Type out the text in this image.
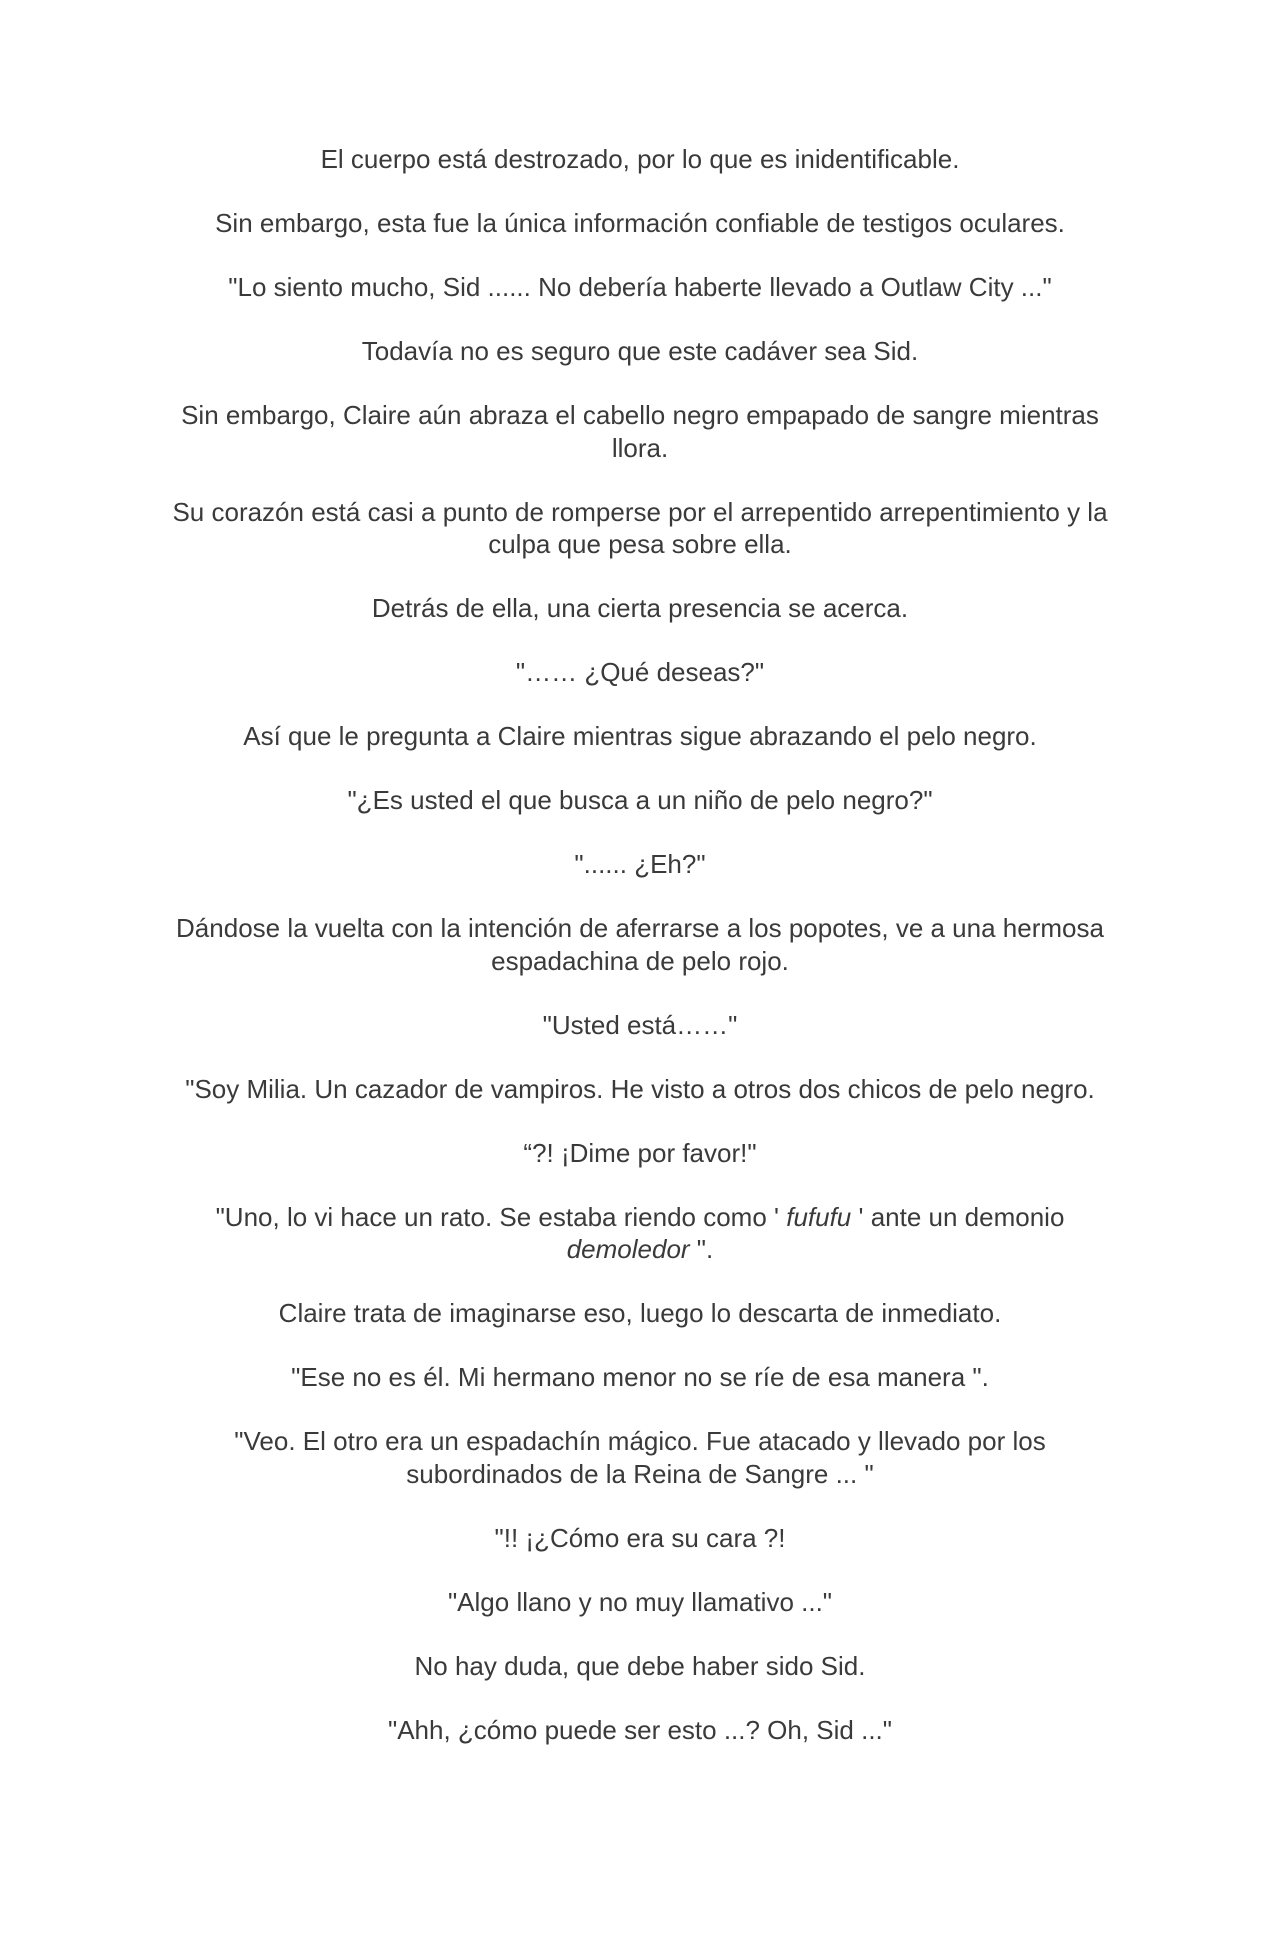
El cuerpo está destrozado, por lo que es inidentificable.

Sin embargo, esta fue la única información confiable de testigos oculares.

"Lo siento mucho, Sid ...... No debería haberte llevado a Outlaw City ..."

Todavía no es seguro que este cadáver sea Sid.

Sin embargo, Claire aún abraza el cabello negro empapado de sangre mientras llora.

Su corazón está casi a punto de romperse por el arrepentido arrepentimiento y la culpa que pesa sobre ella.

Detrás de ella, una cierta presencia se acerca.

"…… ¿Qué deseas?"

Así que le pregunta a Claire mientras sigue abrazando el pelo negro.

"¿Es usted el que busca a un niño de pelo negro?"

"...... ¿Eh?"

Dándose la vuelta con la intención de aferrarse a los popotes, ve a una hermosa espadachina de pelo rojo.

"Usted está……"

"Soy Milia. Un cazador de vampiros. He visto a otros dos chicos de pelo negro.

“?! ¡Dime por favor!"

"Uno, lo vi hace un rato. Se estaba riendo como ' fufufu ' ante un demonio demoledor ".

Claire trata de imaginarse eso, luego lo descarta de inmediato.

"Ese no es él. Mi hermano menor no se ríe de esa manera ".

"Veo. El otro era un espadachín mágico. Fue atacado y llevado por los subordinados de la Reina de Sangre ... "

"!! ¡¿Cómo era su cara ?!

"Algo llano y no muy llamativo ..."

No hay duda, que debe haber sido Sid.

"Ahh, ¿cómo puede ser esto ...? Oh, Sid ..."
